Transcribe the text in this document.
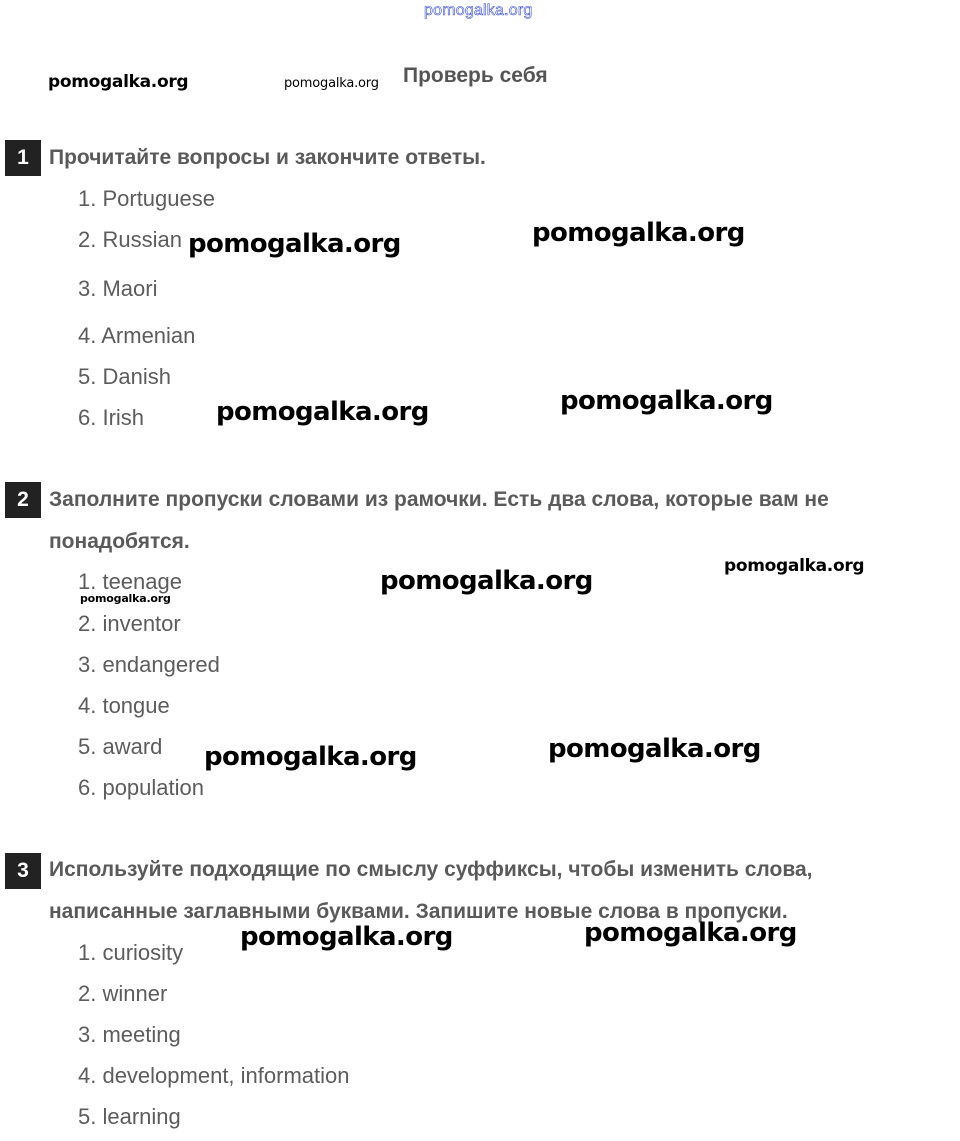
pomogalka.org
pomogalka.org	pomogalka.org Проверь себя
1 Прочитайте вопросы и закончите ответы.
1. Portuguese
2. Russian
3. Maori
4. Armenian
5. Danish
6. Irish
pomogalka.org	pomogalka.org
pomogalka.org	pomogalka.org
2 Заполните пропуски словами из рамочки. Есть два слова, которые вам не
понадобятся.
1. teenage
2. inventor
3. endangered
4. tongue
5. award
6. population
pomogalka.org	pomogalka.org
pomogalka.org
pomogalka.org	pomogalka.org
3 Используйте подходящие по смыслу суффиксы, чтобы изменить слова,
написанные заглавными буквами. Запишите новые слова в пропуски.
1. curiosity
2. winner
3. meeting
4. development, information
5. learning
pomogalka.org	pomogalka.org
